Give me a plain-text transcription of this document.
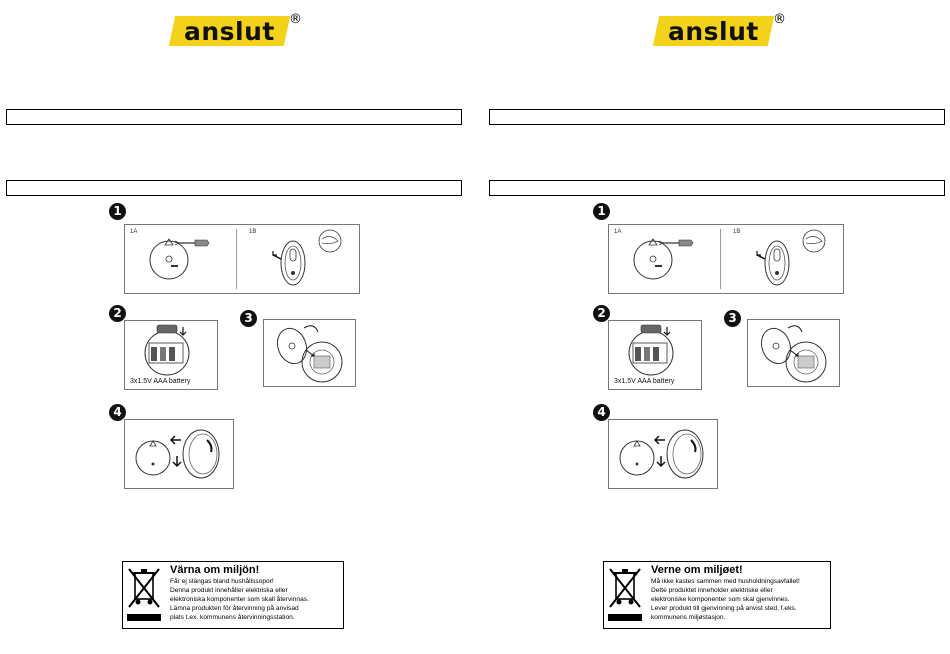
anslut	®
1
1A	1B
2
3x1.5V AAA battery
3
4
Värna om miljön!
Får ej slängas bland hushållssopor!
Denna produkt innehåller elektriska eller
elektroniska komponenter som skall återvinnas.
Lämna produkten för återvinning på anvisad
plats t.ex. kommunens återvinningsstation.
anslut	®
1
1A	1B
2
3x1.5V AAA battery
3
4
Verne om miljøet!
Må ikke kastes sammen med husholdningsavfallet!
Dette produktet inneholder elektriske eller
elektroniske komponenter som skal gjenvinnes.
Lever produkt till gjenvinning på anvist sted, f.eks.
kommunens miljøstasjon.
